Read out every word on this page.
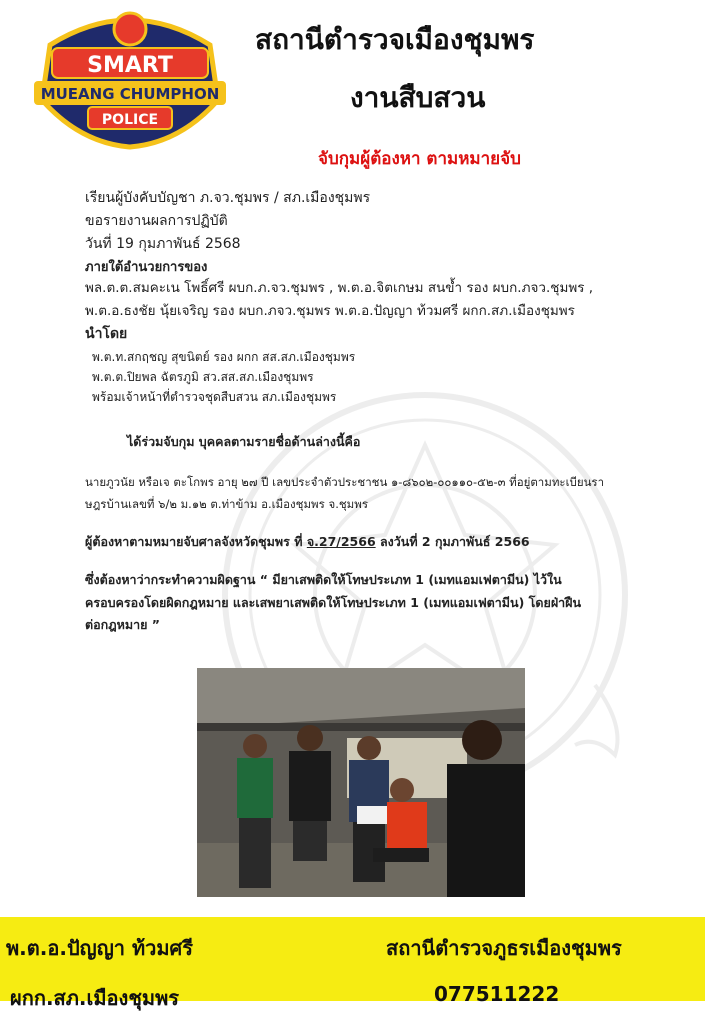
SMART
MUEANG CHUMPHON
POLICE
สถานีตำรวจเมืองชุมพร
งานสืบสวน
จับกุมผู้ต้องหา ตามหมายจับ
เรียนผู้บังคับบัญชา ภ.จว.ชุมพร / สภ.เมืองชุมพร
ขอรายงานผลการปฏิบัติ
วันที่ 19 กุมภาพันธ์ 2568
ภายใต้อำนวยการของ
พล.ต.ต.สมคะเน โพธิ์ศรี ผบก.ภ.จว.ชุมพร , พ.ต.อ.จิตเกษม สนข้ำ รอง ผบก.ภจว.ชุมพร ,
พ.ต.อ.ธงชัย นุ้ยเจริญ รอง ผบก.ภจว.ชุมพร พ.ต.อ.ปัญญา ท้วมศรี ผกก.สภ.เมืองชุมพร
นำโดย
พ.ต.ท.สกฤชญ สุขนิตย์ รอง ผกก สส.สภ.เมืองชุมพร
พ.ต.ต.ปิยพล ฉัตรภูมิ สว.สส.สภ.เมืองชุมพร
พร้อมเจ้าหน้าที่ตำรวจชุดสืบสวน สภ.เมืองชุมพร
ได้ร่วมจับกุม บุคคลตามรายชื่อด้านล่างนี้คือ
นายภูวนัย หรือเจ ตะโกพร อายุ ๒๗ ปี เลขประจำตัวประชาชน ๑-๘๖๐๒-๐๐๑๑๐-๕๒-๓ ที่อยู่ตามทะเบียนรา
ษฎรบ้านเลขที่ ๖/๒ ม.๑๒ ต.ท่าข้าม อ.เมืองชุมพร จ.ชุมพร
ผู้ต้องหาตามหมายจับศาลจังหวัดชุมพร ที่ จ.27/2566 ลงวันที่ 2 กุมภาพันธ์ 2566
ซึ่งต้องหาว่ากระทำความผิดฐาน “ มียาเสพติดให้โทษประเภท 1 (เมทแอมเฟตามีน) ไว้ใน
ครอบครองโดยผิดกฎหมาย และเสพยาเสพติดให้โทษประเภท 1 (เมทแอมเฟตามีน) โดยฝ่าฝืน
ต่อกฎหมาย ”
พ.ต.อ.ปัญญา ท้วมศรี
ผกก.สภ.เมืองชุมพร
สถานีตำรวจภูธรเมืองชุมพร
077511222
